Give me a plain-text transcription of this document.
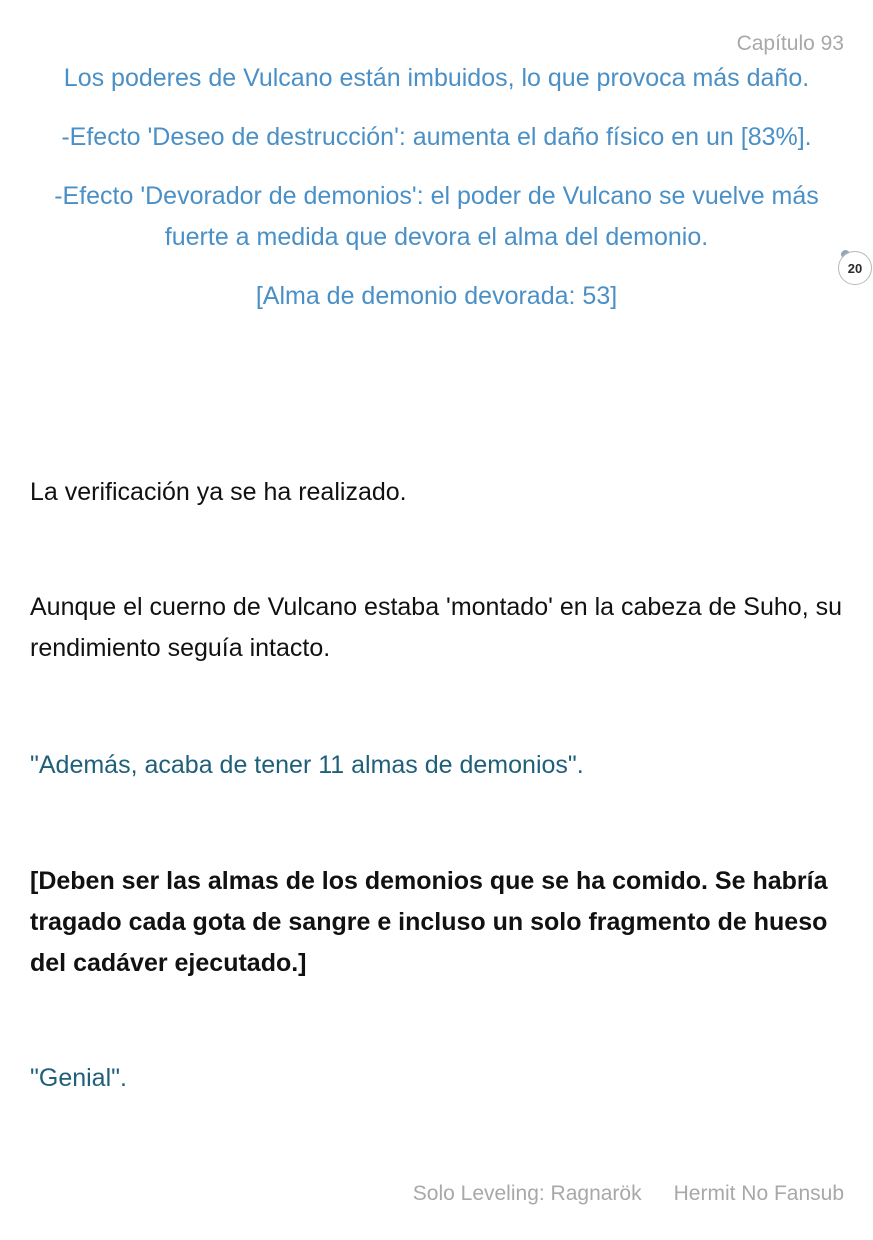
Capítulo 93

Los poderes de Vulcano están imbuidos, lo que provoca más daño.

-Efecto 'Deseo de destrucción': aumenta el daño físico en un [83%].

-Efecto 'Devorador de demonios': el poder de Vulcano se vuelve más fuerte a medida que devora el alma del demonio.

[Alma de demonio devorada: 53]

20

La verificación ya se ha realizado.

Aunque el cuerno de Vulcano estaba 'montado' en la cabeza de Suho, su rendimiento seguía intacto.

"Además, acaba de tener 11 almas de demonios".

[Deben ser las almas de los demonios que se ha comido. Se habría tragado cada gota de sangre e incluso un solo fragmento de hueso del cadáver ejecutado.]

"Genial".

Solo Leveling: Ragnarök Hermit No Fansub
